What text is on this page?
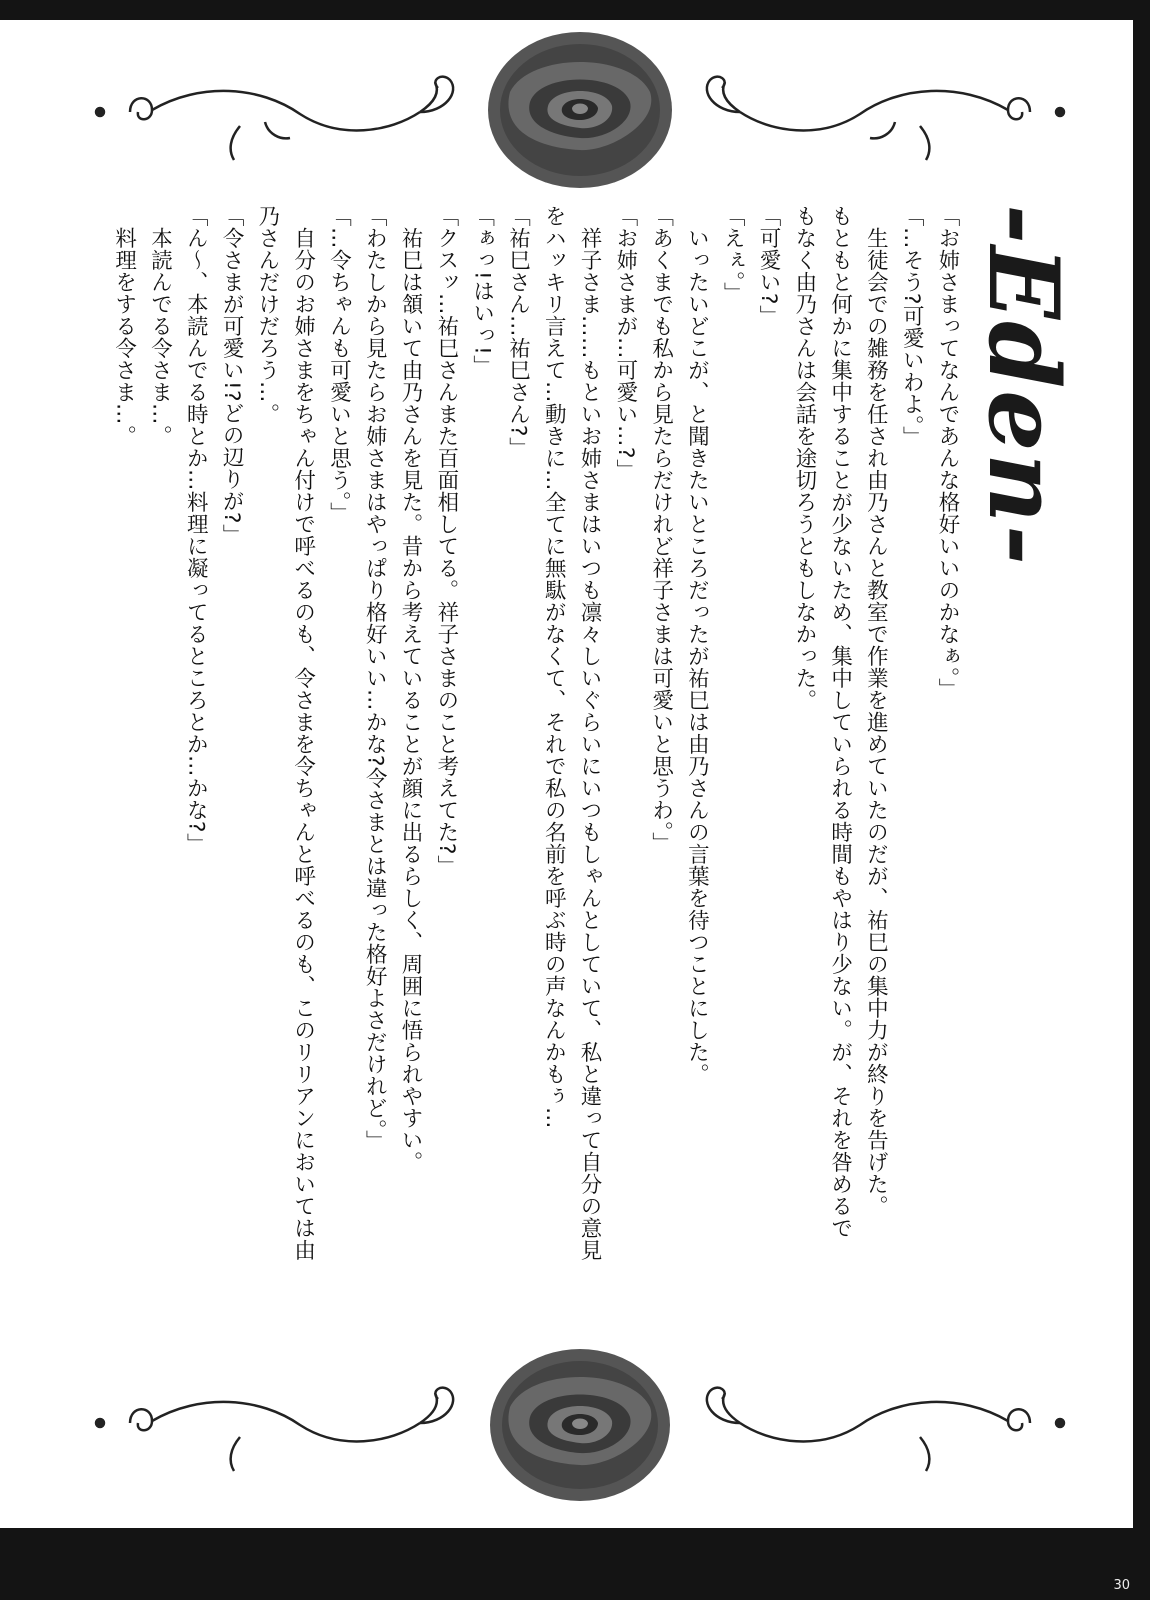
30
-Eden-

「お姉さまってなんであんな格好いいのかなぁ。」

「…そう?可愛いわよ。」

　生徒会での雑務を任され由乃さんと教室で作業を進めていたのだが、祐巳の集中力が終りを告げた。

もともと何かに集中することが少ないため、集中していられる時間もやはり少ない。が、それを咎めるで

もなく由乃さんは会話を途切ろうともしなかった。

「可愛い?」

「えぇ。」

　いったいどこが、と聞きたいところだったが祐巳は由乃さんの言葉を待つことにした。

「あくまでも私から見たらだけれど祥子さまは可愛いと思うわ。」

「お姉さまが…可愛い…?」

　祥子さま……もといお姉さまはいつも凛々しいぐらいにいつもしゃんとしていて、私と違って自分の意見

をハッキリ言えて…動きに…全てに無駄がなくて、それで私の名前を呼ぶ時の声なんかもぅ…

「祐巳さん…祐巳さん?」

「ぁっ!はいっ!」

「クスッ…祐巳さんまた百面相してる。祥子さまのこと考えてた?」

　祐巳は頷いて由乃さんを見た。昔から考えていることが顔に出るらしく、周囲に悟られやすい。

「わたしから見たらお姉さまはやっぱり格好いい…かな?令さまとは違った格好よさだけれど。」

「…令ちゃんも可愛いと思う。」

　自分のお姉さまをちゃん付けで呼べるのも、令さまを令ちゃんと呼べるのも、このリリアンにおいては由

乃さんだけだろう…。

「令さまが可愛い!?どの辺りが?」

「ん〜、本読んでる時とか…料理に凝ってるところとか…かな?」

　本読んでる令さま…。

　料理をする令さま…。
